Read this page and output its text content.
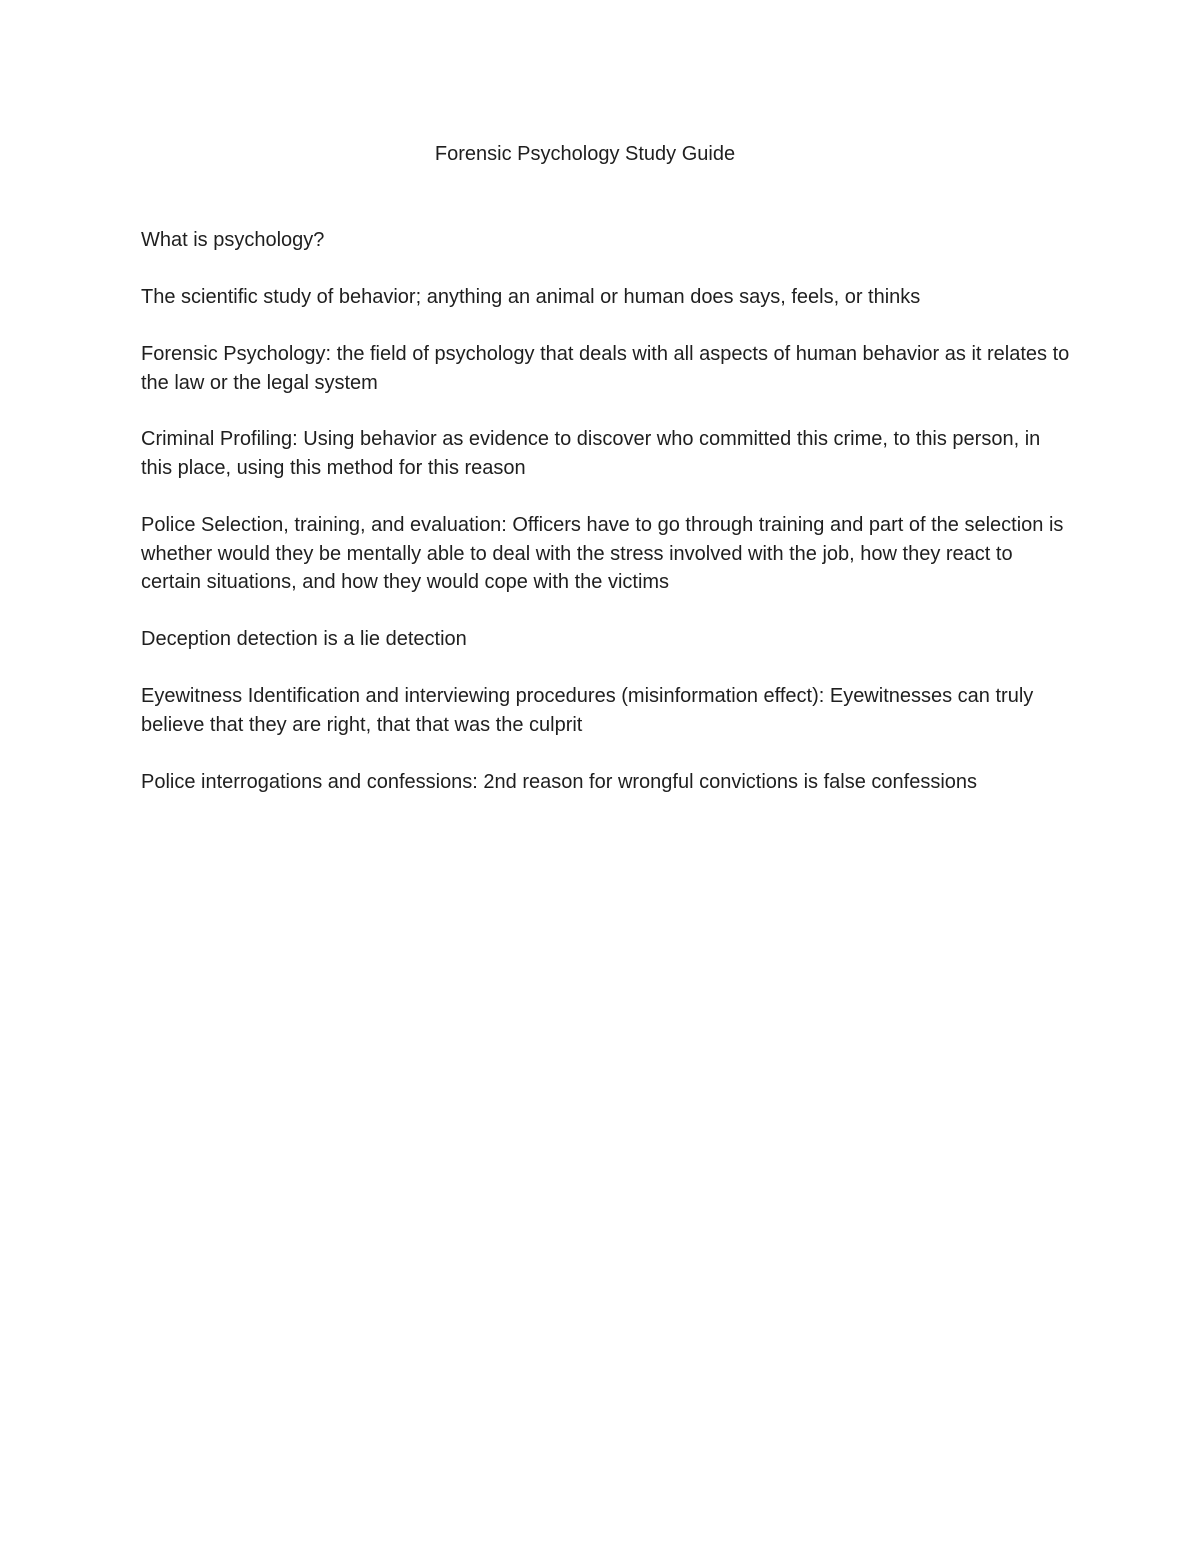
Forensic Psychology Study Guide

What is psychology?

The scientific study of behavior; anything an animal or human does says, feels, or thinks

Forensic Psychology: the field of psychology that deals with all aspects of human behavior as it relates to the law or the legal system

Criminal Profiling: Using behavior as evidence to discover who committed this crime, to this person, in this place, using this method for this reason

Police Selection, training, and evaluation: Officers have to go through training and part of the selection is whether would they be mentally able to deal with the stress involved with the job, how they react to certain situations, and how they would cope with the victims

Deception detection is a lie detection

Eyewitness Identification and interviewing procedures (misinformation effect): Eyewitnesses can truly believe that they are right, that that was the culprit

Police interrogations and confessions: 2nd reason for wrongful convictions is false confessions
